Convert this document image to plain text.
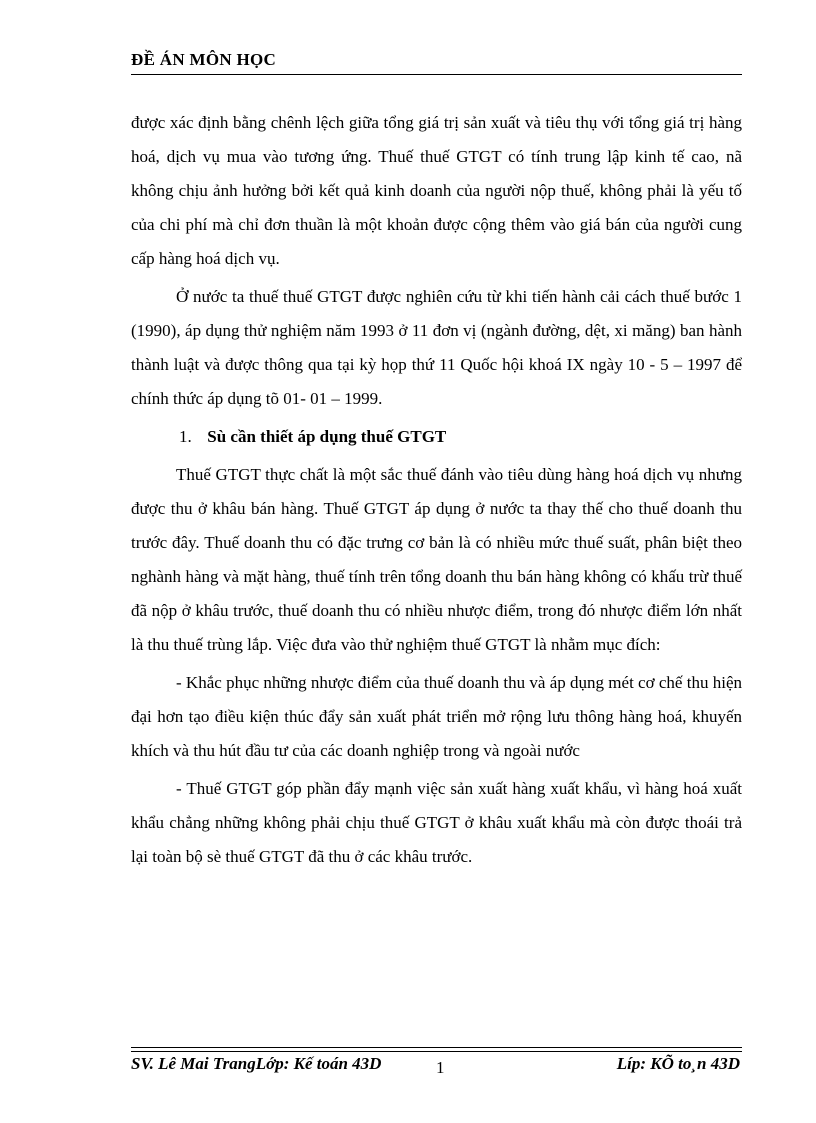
ĐỀ ÁN MÔN HỌC

được xác định bằng chênh lệch giữa tổng giá trị sản xuất và tiêu thụ với tổng giá trị hàng hoá, dịch vụ mua vào tương ứng. Thuế thuế GTGT có tính trung lập kinh tế cao, nã không chịu ảnh hưởng bởi kết quả kinh doanh của người nộp thuế, không phải là yếu tố của chi phí mà chỉ đơn thuần là một khoản được cộng thêm vào giá bán của người cung cấp hàng hoá dịch vụ.

Ở nước ta thuế thuế GTGT được nghiên cứu từ khi tiến hành cải cách thuế bước 1 (1990), áp dụng thử nghiệm năm 1993 ở 11 đơn vị (ngành đường, dệt, xi măng) ban hành thành luật và được thông qua tại kỳ họp thứ 11 Quốc hội khoá IX ngày 10 - 5 – 1997 để chính thức áp dụng tõ 01- 01 – 1999.

1. Sù cần thiết áp dụng thuế GTGT

Thuế GTGT thực chất là một sắc thuế đánh vào tiêu dùng hàng hoá dịch vụ nhưng được thu ở khâu bán hàng. Thuế GTGT áp dụng ở nước ta thay thế cho thuế doanh thu trước đây. Thuế doanh thu có đặc trưng cơ bản là có nhiều mức thuế suất, phân biệt theo nghành hàng và mặt hàng, thuế tính trên tổng doanh thu bán hàng không có khấu trừ thuế đã nộp ở khâu trước, thuế doanh thu có nhiều nhược điểm, trong đó nhược điểm lớn nhất là thu thuế trùng lắp. Việc đưa vào thử nghiệm thuế GTGT là nhằm mục đích:

- Khắc phục những nhược điểm của thuế doanh thu và áp dụng mét cơ chế thu hiện đại hơn tạo điều kiện thúc đẩy sản xuất phát triển mở rộng lưu thông hàng hoá, khuyến khích và thu hút đầu tư của các doanh nghiệp trong và ngoài nước

- Thuế GTGT góp phần đẩy mạnh việc sản xuất hàng xuất khẩu, vì hàng hoá xuất khẩu chẳng những không phải chịu thuế GTGT ở khâu xuất khẩu mà còn được thoái trả lại toàn bộ sè thuế GTGT đã thu ở các khâu trước.

SV. Lê Mai TrangLớp: Kế toán 43D	1	Líp: KÕ to¸n 43D
